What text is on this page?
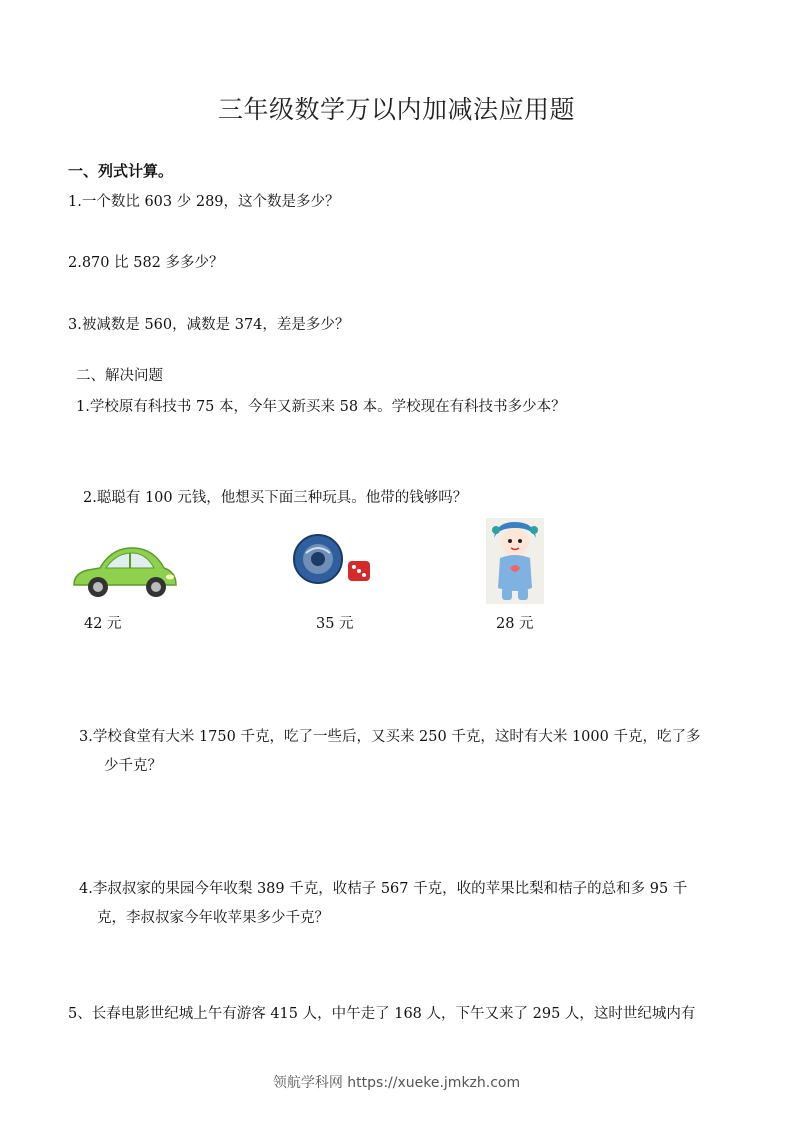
三年级数学万以内加减法应用题
一、列式计算。
1.一个数比 603 少 289，这个数是多少？
2.870 比 582 多多少？
3.被减数是 560，减数是 374，差是多少？
二、解决问题
1.学校原有科技书 75 本，今年又新买来 58 本。学校现在有科技书多少本？
2.聪聪有 100 元钱，他想买下面三种玩具。他带的钱够吗？
42 元	35 元	28 元
3.学校食堂有大米 1750 千克，吃了一些后，又买来 250 千克，这时有大米 1000 千克，吃了多
少千克？
4.李叔叔家的果园今年收梨 389 千克，收桔子 567 千克，收的苹果比梨和桔子的总和多 95 千
克，李叔叔家今年收苹果多少千克？
5、长春电影世纪城上午有游客 415 人，中午走了 168 人，下午又来了 295 人，这时世纪城内有
领航学科网 https://xueke.jmkzh.com
